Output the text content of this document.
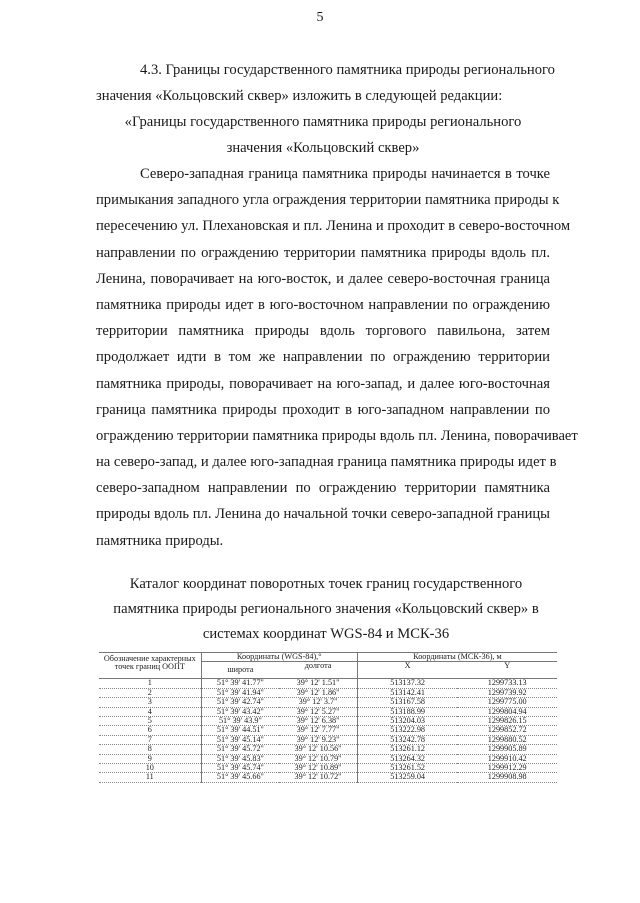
5
4.3. Границы государственного памятника природы регионального
значения «Кольцовский сквер» изложить в следующей редакции:
«Границы государственного памятника природы регионального
значения «Кольцовский сквер»
Северо-западная граница памятника природы начинается в точке
примыкания западного угла ограждения территории памятника природы к
пересечению ул. Плехановская и пл. Ленина и проходит в северо-восточном
направлении по ограждению территории памятника природы вдоль пл.
Ленина, поворачивает на юго-восток, и далее северо-восточная граница
памятника природы идет в юго-восточном направлении по ограждению
территории памятника природы вдоль торгового павильона, затем
продолжает идти в том же направлении по ограждению территории
памятника природы, поворачивает на юго-запад, и далее юго-восточная
граница памятника природы проходит в юго-западном направлении по
ограждению территории памятника природы вдоль пл. Ленина, поворачивает
на северо-запад, и далее юго-западная граница памятника природы идет в
северо-западном направлении по ограждению территории памятника
природы вдоль пл. Ленина до начальной точки северо-западной границы
памятника природы.
Каталог координат поворотных точек границ государственного
памятника природы регионального значения «Кольцовский сквер» в
системах координат WGS-84 и МСК-36
Обозначение характерных точек границ ООПТ	Координаты (WGS-84),°		Координаты (МСК-36), м	
	широта	долгота	X	Y
1	51° 39' 41.77"	39° 12' 1.51"	513137.32	1299733.13
2	51° 39' 41.94"	39° 12' 1.86"	513142.41	1299739.92
3	51° 39' 42.74"	39° 12' 3.7"	513167.58	1299775.00
4	51° 39' 43.42"	39° 12' 5.27"	513188.99	1299804.94
5	51° 39' 43.9"	39° 12' 6.38"	513204.03	1299826.15
6	51° 39' 44.51"	39° 12' 7.77"	513222.98	1299852.72
7	51° 39' 45.14"	39° 12' 9.23"	513242.78	1299880.52
8	51° 39' 45.72"	39° 12' 10.56"	513261.12	1299905.89
9	51° 39' 45.83"	39° 12' 10.79"	513264.32	1299910.42
10	51° 39' 45.74"	39° 12' 10.89"	513261.52	1299912.29
11	51° 39' 45.66"	39° 12' 10.72"	513259.04	1299908.98
